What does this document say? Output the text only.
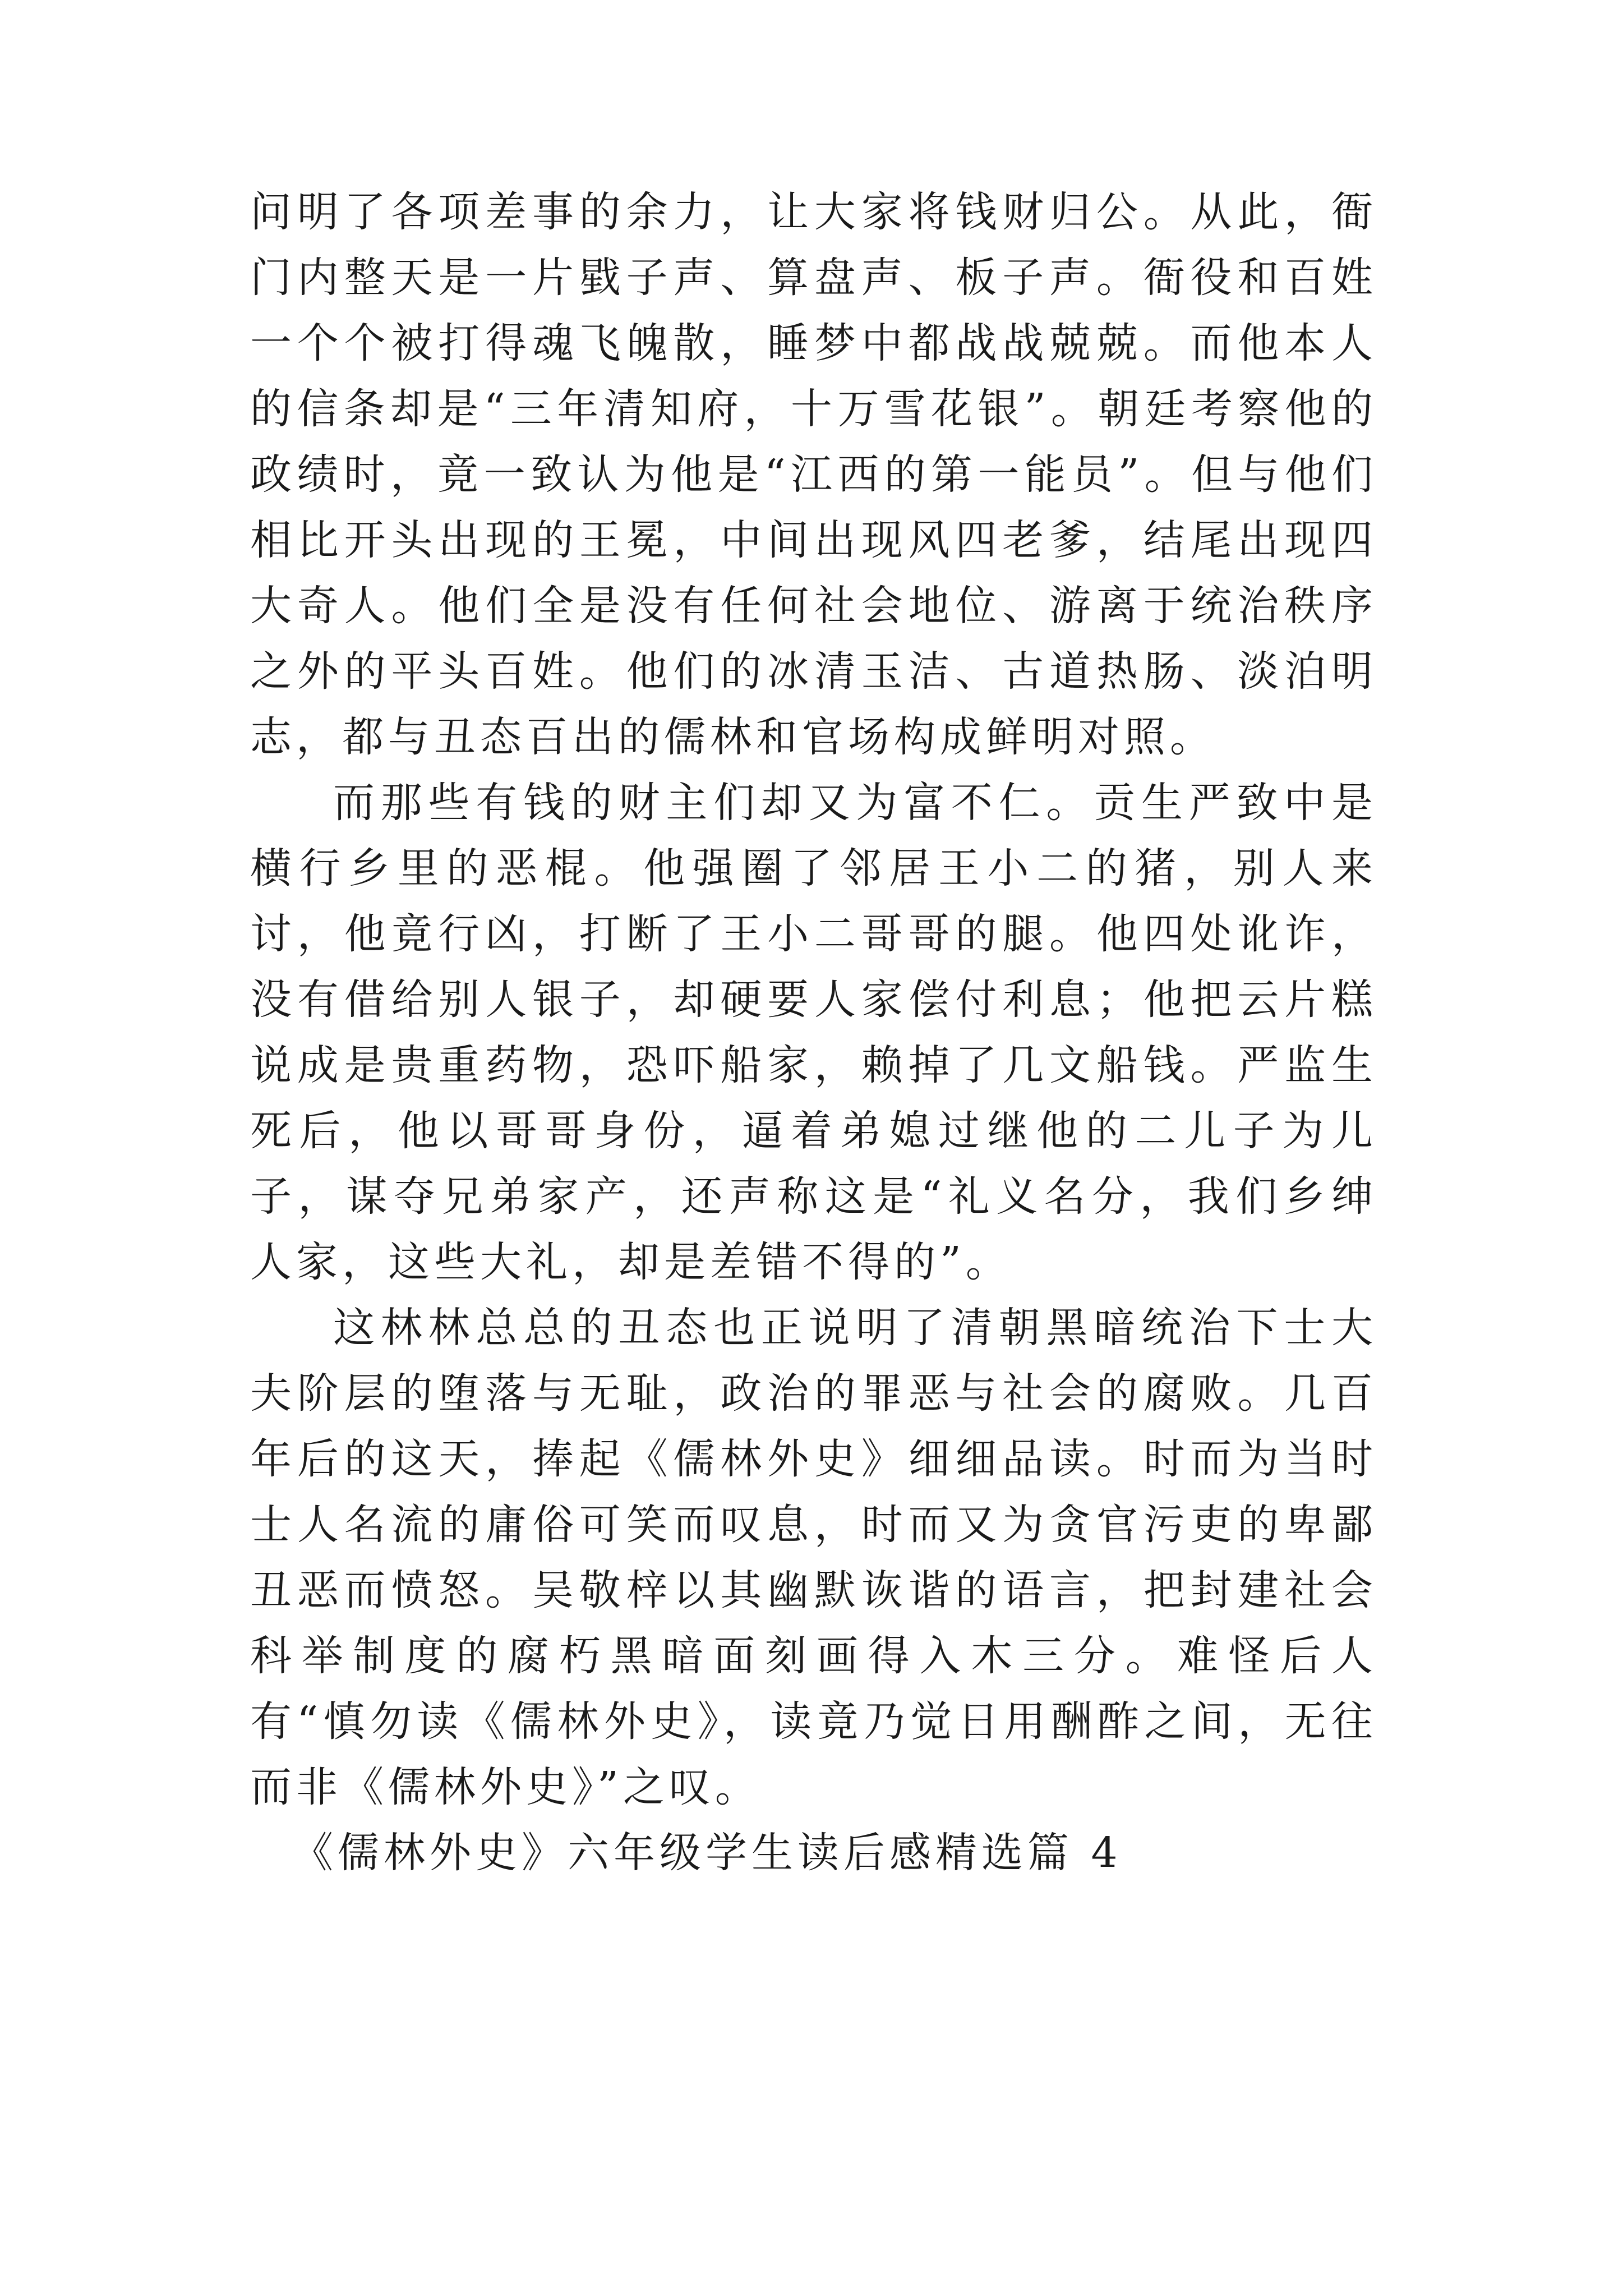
问明了各项差事的余力，让大家将钱财归公。从此，衙门内整天是一片戥子声、算盘声、板子声。衙役和百姓一个个被打得魂飞魄散，睡梦中都战战兢兢。而他本人的信条却是“三年清知府，十万雪花银”。朝廷考察他的政绩时，竟一致认为他是“江西的第一能员”。但与他们相比开头出现的王冕，中间出现风四老爹，结尾出现四大奇人。他们全是没有任何社会地位、游离于统治秩序之外的平头百姓。他们的冰清玉洁、古道热肠、淡泊明志，都与丑态百出的儒林和官场构成鲜明对照。

而那些有钱的财主们却又为富不仁。贡生严致中是横行乡里的恶棍。他强圈了邻居王小二的猪，别人来讨，他竟行凶，打断了王小二哥哥的腿。他四处讹诈，没有借给别人银子，却硬要人家偿付利息；他把云片糕说成是贵重药物，恐吓船家，赖掉了几文船钱。严监生死后，他以哥哥身份，逼着弟媳过继他的二儿子为儿子，谋夺兄弟家产，还声称这是“礼义名分，我们乡绅人家，这些大礼，却是差错不得的”。

这林林总总的丑态也正说明了清朝黑暗统治下士大夫阶层的堕落与无耻，政治的罪恶与社会的腐败。几百年后的这天，捧起《儒林外史》细细品读。时而为当时士人名流的庸俗可笑而叹息，时而又为贪官污吏的卑鄙丑恶而愤怒。吴敬梓以其幽默诙谐的语言，把封建社会科举制度的腐朽黑暗面刻画得入木三分。难怪后人有“慎勿读《儒林外史》，读竟乃觉日用酬酢之间，无往而非《儒林外史》”之叹。

《儒林外史》六年级学生读后感精选篇 4
